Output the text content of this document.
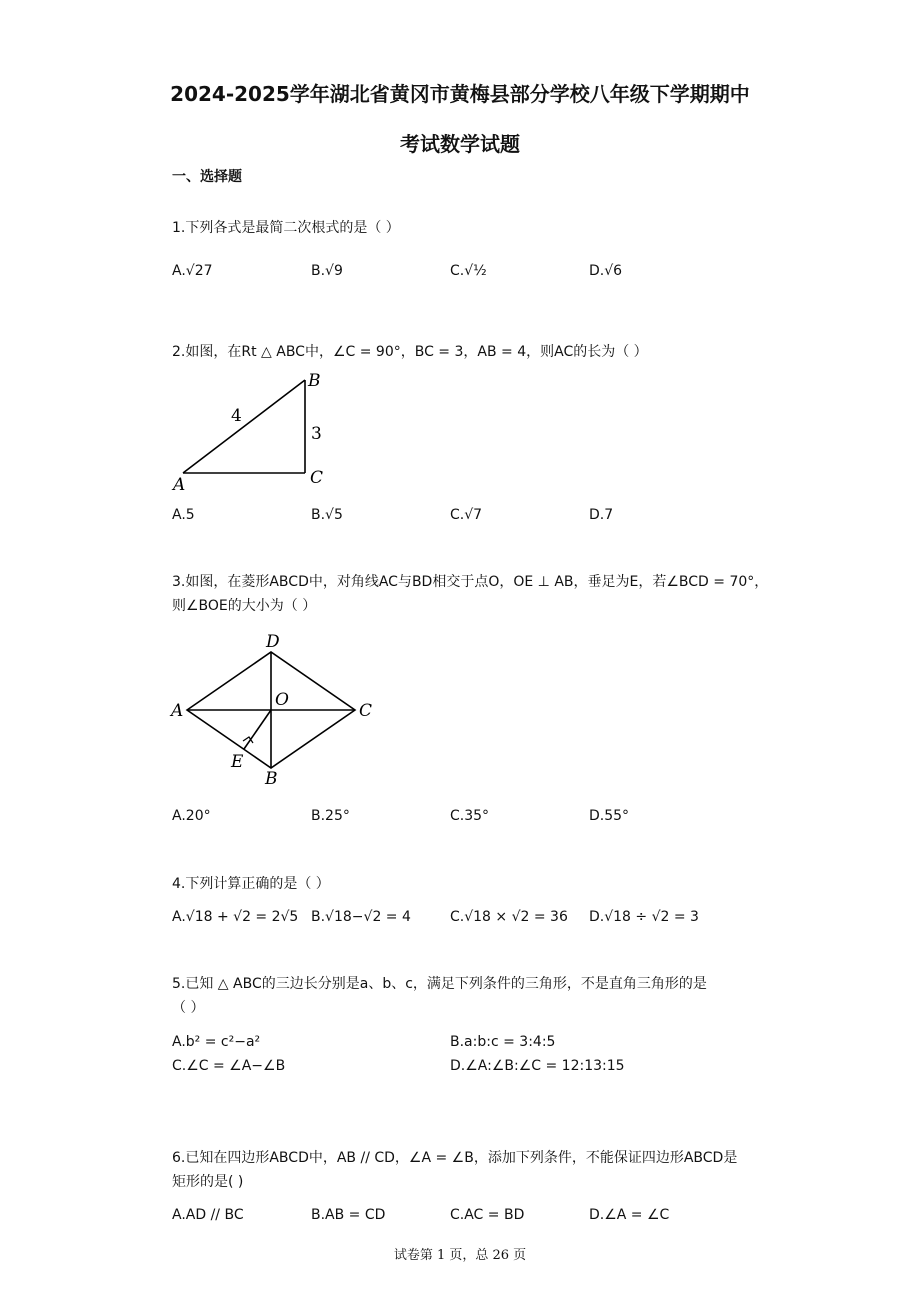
2024-2025学年湖北省黄冈市黄梅县部分学校八年级下学期期中
考试数学试题
一、选择题
1.下列各式是最简二次根式的是（ ）
A.√27	B.√9	C.√½	D.√6
2.如图，在Rt △ ABC中，∠C = 90°，BC = 3，AB = 4，则AC的长为（ ）
A
B
C
4
3
A.5	B.√5	C.√7	D.7
3.如图，在菱形ABCD中，对角线AC与BD相交于点O，OE ⊥ AB，垂足为E，若∠BCD = 70°，
则∠BOE的大小为（ ）
D
A
O
C
E
B
A.20°	B.25°	C.35°	D.55°
4.下列计算正确的是（ ）
A.√18 + √2 = 2√5 B.√18−√2 = 4	C.√18 × √2 = 36 D.√18 ÷ √2 = 3
5.已知 △ ABC的三边长分别是a、b、c，满足下列条件的三角形，不是直角三角形的是
（ ）
A.b² = c²−a²	B.a:b:c = 3:4:5
C.∠C = ∠A−∠B	D.∠A:∠B:∠C = 12:13:15
6.已知在四边形ABCD中，AB // CD，∠A = ∠B，添加下列条件，不能保证四边形ABCD是
矩形的是( )
A.AD // BC	B.AB = CD	C.AC = BD	D.∠A = ∠C
试卷第 1 页，总 26 页
